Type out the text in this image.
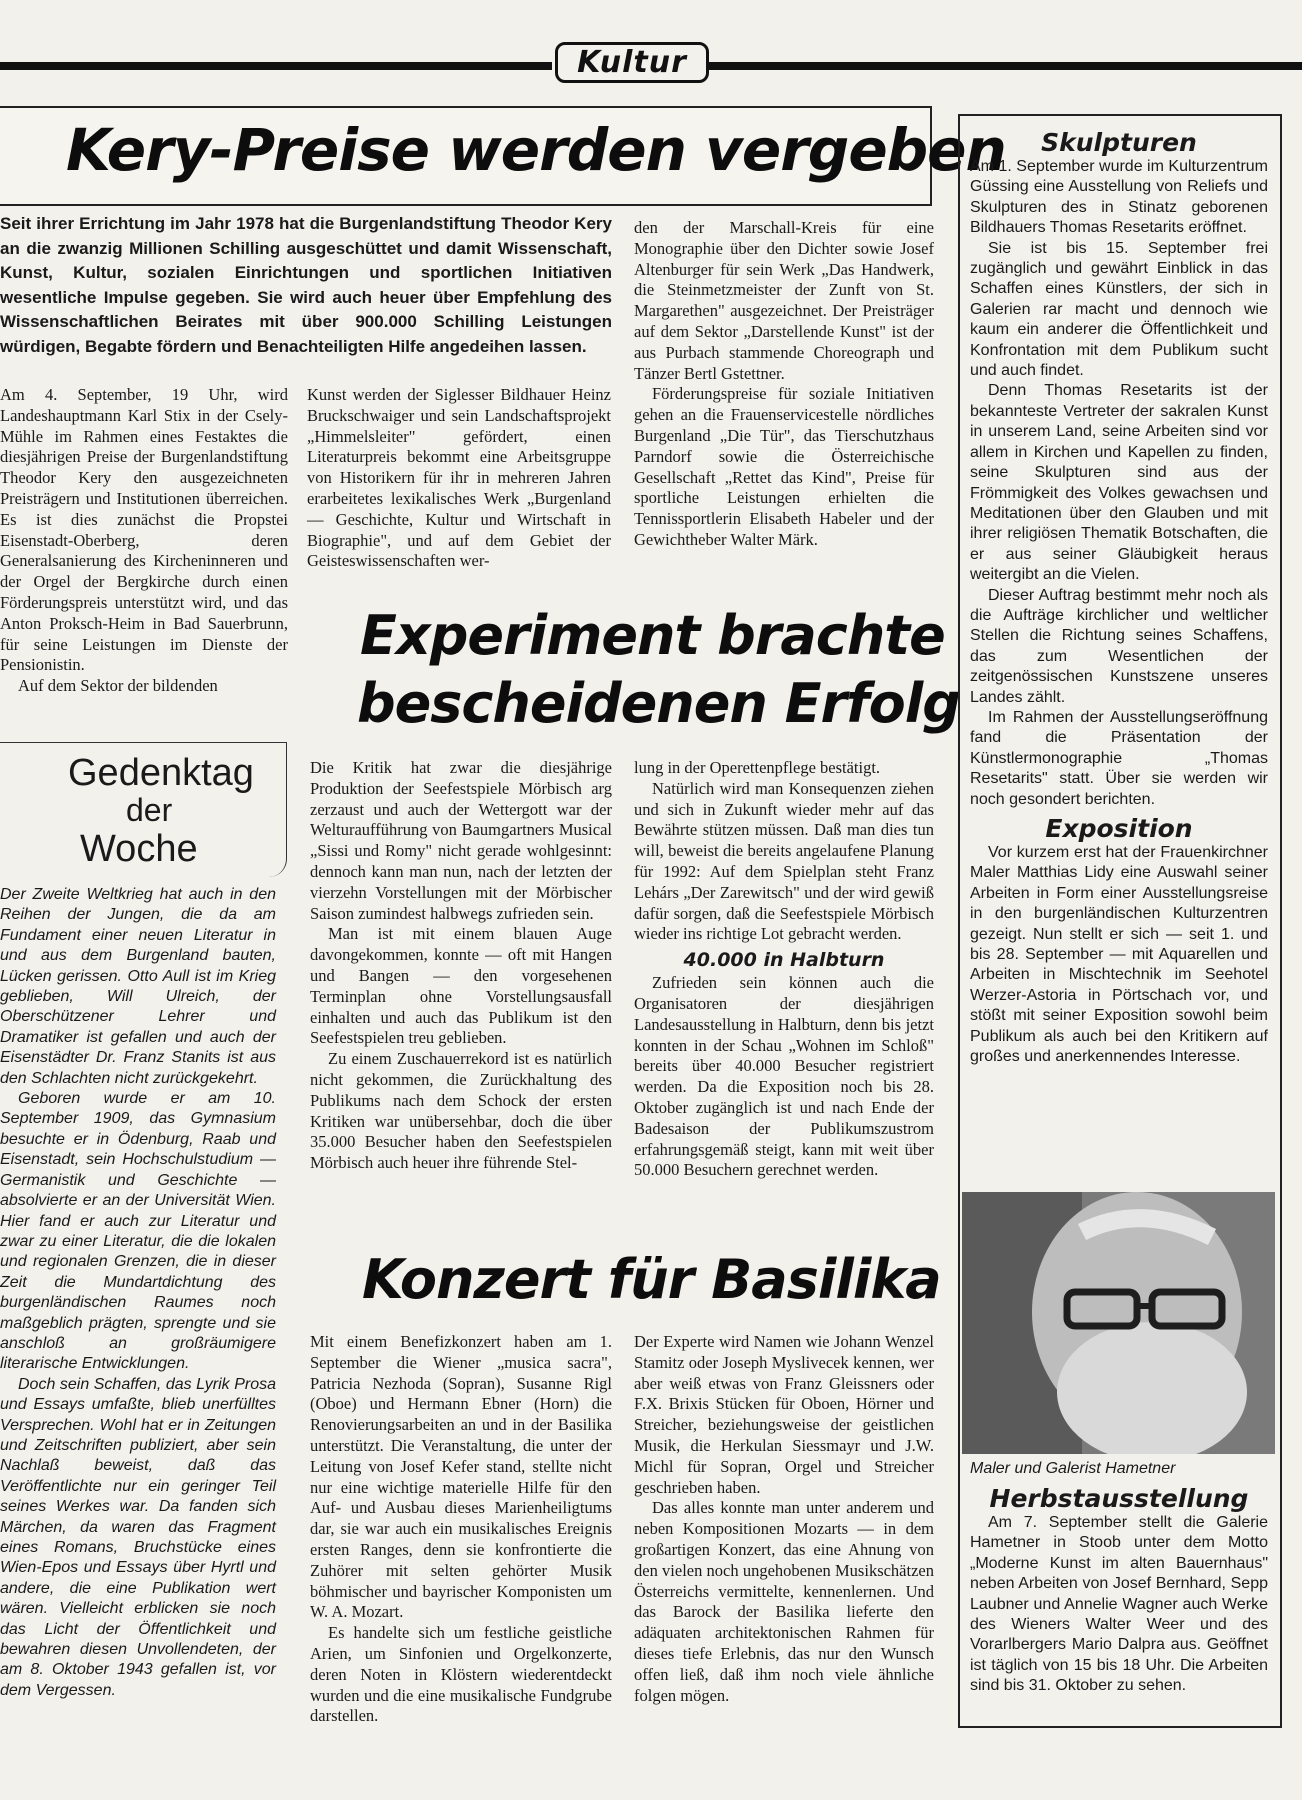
Kultur
Kery-Preise werden vergeben
Seit ihrer Errichtung im Jahr 1978 hat die Burgenlandstiftung Theodor Kery an die zwanzig Millionen Schilling ausgeschüttet und damit Wissenschaft, Kunst, Kultur, sozialen Einrichtungen und sportlichen Initiativen wesentliche Impulse gegeben. Sie wird auch heuer über Empfehlung des Wissenschaftlichen Beirates mit über 900.000 Schilling Leistungen würdigen, Begabte fördern und Benachteiligten Hilfe angedeihen lassen.

Am 4. September, 19 Uhr, wird Landeshauptmann Karl Stix in der Csely-Mühle im Rahmen eines Festaktes die diesjährigen Preise der Burgenlandstiftung Theodor Kery den ausgezeichneten Preisträgern und Institutionen überreichen. Es ist dies zunächst die Propstei Eisenstadt-Oberberg, deren Generalsanierung des Kircheninneren und der Orgel der Bergkirche durch einen Förderungspreis unterstützt wird, und das Anton Proksch-Heim in Bad Sauerbrunn, für seine Leistungen im Dienste der Pensionistin.

Auf dem Sektor der bildenden

Kunst werden der Siglesser Bildhauer Heinz Bruckschwaiger und sein Landschaftsprojekt „Himmelsleiter" gefördert, einen Literaturpreis bekommt eine Arbeitsgruppe von Historikern für ihr in mehreren Jahren erarbeitetes lexikalisches Werk „Burgenland — Geschichte, Kultur und Wirtschaft in Biographie", und auf dem Gebiet der Geisteswissenschaften wer-

den der Marschall-Kreis für eine Monographie über den Dichter sowie Josef Altenburger für sein Werk „Das Handwerk, die Steinmetzmeister der Zunft von St. Margarethen" ausgezeichnet. Der Preisträger auf dem Sektor „Darstellende Kunst" ist der aus Purbach stammende Choreograph und Tänzer Bertl Gstettner.

Förderungspreise für soziale Initiativen gehen an die Frauenservicestelle nördliches Burgenland „Die Tür", das Tierschutzhaus Parndorf sowie die Österreichische Gesellschaft „Rettet das Kind", Preise für sportliche Leistungen erhielten die Tennissportlerin Elisabeth Habeler und der Gewichtheber Walter Märk.

Gedenktag
der
Woche

Der Zweite Weltkrieg hat auch in den Reihen der Jungen, die da am Fundament einer neuen Literatur in und aus dem Burgenland bauten, Lücken gerissen. Otto Aull ist im Krieg geblieben, Will Ulreich, der Oberschützener Lehrer und Dramatiker ist gefallen und auch der Eisenstädter Dr. Franz Stanits ist aus den Schlachten nicht zurückgekehrt.

Geboren wurde er am 10. September 1909, das Gymnasium besuchte er in Ödenburg, Raab und Eisenstadt, sein Hochschulstudium — Germanistik und Geschichte — absolvierte er an der Universität Wien. Hier fand er auch zur Literatur und zwar zu einer Literatur, die die lokalen und regionalen Grenzen, die in dieser Zeit die Mundartdichtung des burgenländischen Raumes noch maßgeblich prägten, sprengte und sie anschloß an großräumigere literarische Entwicklungen.

Doch sein Schaffen, das Lyrik Prosa und Essays umfaßte, blieb unerfülltes Versprechen. Wohl hat er in Zeitungen und Zeitschriften publiziert, aber sein Nachlaß beweist, daß das Veröffentlichte nur ein geringer Teil seines Werkes war. Da fanden sich Märchen, da waren das Fragment eines Romans, Bruchstücke eines Wien-Epos und Essays über Hyrtl und andere, die eine Publikation wert wären. Vielleicht erblicken sie noch das Licht der Öffentlichkeit und bewahren diesen Unvollendeten, der am 8. Oktober 1943 gefallen ist, vor dem Vergessen.

Experiment brachte
bescheidenen Erfolg

Die Kritik hat zwar die diesjährige Produktion der Seefestspiele Mörbisch arg zerzaust und auch der Wettergott war der Welturaufführung von Baumgartners Musical „Sissi und Romy" nicht gerade wohlgesinnt: dennoch kann man nun, nach der letzten der vierzehn Vorstellungen mit der Mörbischer Saison zumindest halbwegs zufrieden sein.

Man ist mit einem blauen Auge davongekommen, konnte — oft mit Hangen und Bangen — den vorgesehenen Terminplan ohne Vorstellungsausfall einhalten und auch das Publikum ist den Seefestspielen treu geblieben.

Zu einem Zuschauerrekord ist es natürlich nicht gekommen, die Zurückhaltung des Publikums nach dem Schock der ersten Kritiken war unübersehbar, doch die über 35.000 Besucher haben den Seefestspielen Mörbisch auch heuer ihre führende Stel-

lung in der Operettenpflege bestätigt.

Natürlich wird man Konsequenzen ziehen und sich in Zukunft wieder mehr auf das Bewährte stützen müssen. Daß man dies tun will, beweist die bereits angelaufene Planung für 1992: Auf dem Spielplan steht Franz Lehárs „Der Zarewitsch" und der wird gewiß dafür sorgen, daß die Seefestspiele Mörbisch wieder ins richtige Lot gebracht werden.

40.000 in Halbturn

Zufrieden sein können auch die Organisatoren der diesjährigen Landesausstellung in Halbturn, denn bis jetzt konnten in der Schau „Wohnen im Schloß" bereits über 40.000 Besucher registriert werden. Da die Exposition noch bis 28. Oktober zugänglich ist und nach Ende der Badesaison der Publikumszustrom erfahrungsgemäß steigt, kann mit weit über 50.000 Besuchern gerechnet werden.

Konzert für Basilika

Mit einem Benefizkonzert haben am 1. September die Wiener „musica sacra", Patricia Nezhoda (Sopran), Susanne Rigl (Oboe) und Hermann Ebner (Horn) die Renovierungsarbeiten an und in der Basilika unterstützt. Die Veranstaltung, die unter der Leitung von Josef Kefer stand, stellte nicht nur eine wichtige materielle Hilfe für den Auf- und Ausbau dieses Marienheiligtums dar, sie war auch ein musikalisches Ereignis ersten Ranges, denn sie konfrontierte die Zuhörer mit selten gehörter Musik böhmischer und bayrischer Komponisten um W. A. Mozart.

Es handelte sich um festliche geistliche Arien, um Sinfonien und Orgelkonzerte, deren Noten in Klöstern wiederentdeckt wurden und die eine musikalische Fundgrube darstellen.

Der Experte wird Namen wie Johann Wenzel Stamitz oder Joseph Myslivecek kennen, wer aber weiß etwas von Franz Gleissners oder F.X. Brixis Stücken für Oboen, Hörner und Streicher, beziehungsweise der geistlichen Musik, die Herkulan Siessmayr und J.W. Michl für Sopran, Orgel und Streicher geschrieben haben.

Das alles konnte man unter anderem und neben Kompositionen Mozarts — in dem großartigen Konzert, das eine Ahnung von den vielen noch ungehobenen Musikschätzen Österreichs vermittelte, kennenlernen. Und das Barock der Basilika lieferte den adäquaten architektonischen Rahmen für dieses tiefe Erlebnis, das nur den Wunsch offen ließ, daß ihm noch viele ähnliche folgen mögen.

Skulpturen

Am 1. September wurde im Kulturzentrum Güssing eine Ausstellung von Reliefs und Skulpturen des in Stinatz geborenen Bildhauers Thomas Resetarits eröffnet.

Sie ist bis 15. September frei zugänglich und gewährt Einblick in das Schaffen eines Künstlers, der sich in Galerien rar macht und dennoch wie kaum ein anderer die Öffentlichkeit und Konfrontation mit dem Publikum sucht und auch findet.

Denn Thomas Resetarits ist der bekannteste Vertreter der sakralen Kunst in unserem Land, seine Arbeiten sind vor allem in Kirchen und Kapellen zu finden, seine Skulpturen sind aus der Frömmigkeit des Volkes gewachsen und Meditationen über den Glauben und mit ihrer religiösen Thematik Botschaften, die er aus seiner Gläubigkeit heraus weitergibt an die Vielen.

Dieser Auftrag bestimmt mehr noch als die Aufträge kirchlicher und weltlicher Stellen die Richtung seines Schaffens, das zum Wesentlichen der zeitgenössischen Kunstszene unseres Landes zählt.

Im Rahmen der Ausstellungseröffnung fand die Präsentation der Künstlermonographie „Thomas Resetarits" statt. Über sie werden wir noch gesondert berichten.

Exposition

Vor kurzem erst hat der Frauenkirchner Maler Matthias Lidy eine Auswahl seiner Arbeiten in Form einer Ausstellungsreise in den burgenländischen Kulturzentren gezeigt. Nun stellt er sich — seit 1. und bis 28. September — mit Aquarellen und Arbeiten in Mischtechnik im Seehotel Werzer-Astoria in Pörtschach vor, und stößt mit seiner Exposition sowohl beim Publikum als auch bei den Kritikern auf großes und anerkennendes Interesse.

Maler und Galerist Hametner
Herbstausstellung

Am 7. September stellt die Galerie Hametner in Stoob unter dem Motto „Moderne Kunst im alten Bauernhaus" neben Arbeiten von Josef Bernhard, Sepp Laubner und Annelie Wagner auch Werke des Wieners Walter Weer und des Vorarlbergers Mario Dalpra aus. Geöffnet ist täglich von 15 bis 18 Uhr. Die Arbeiten sind bis 31. Oktober zu sehen.
